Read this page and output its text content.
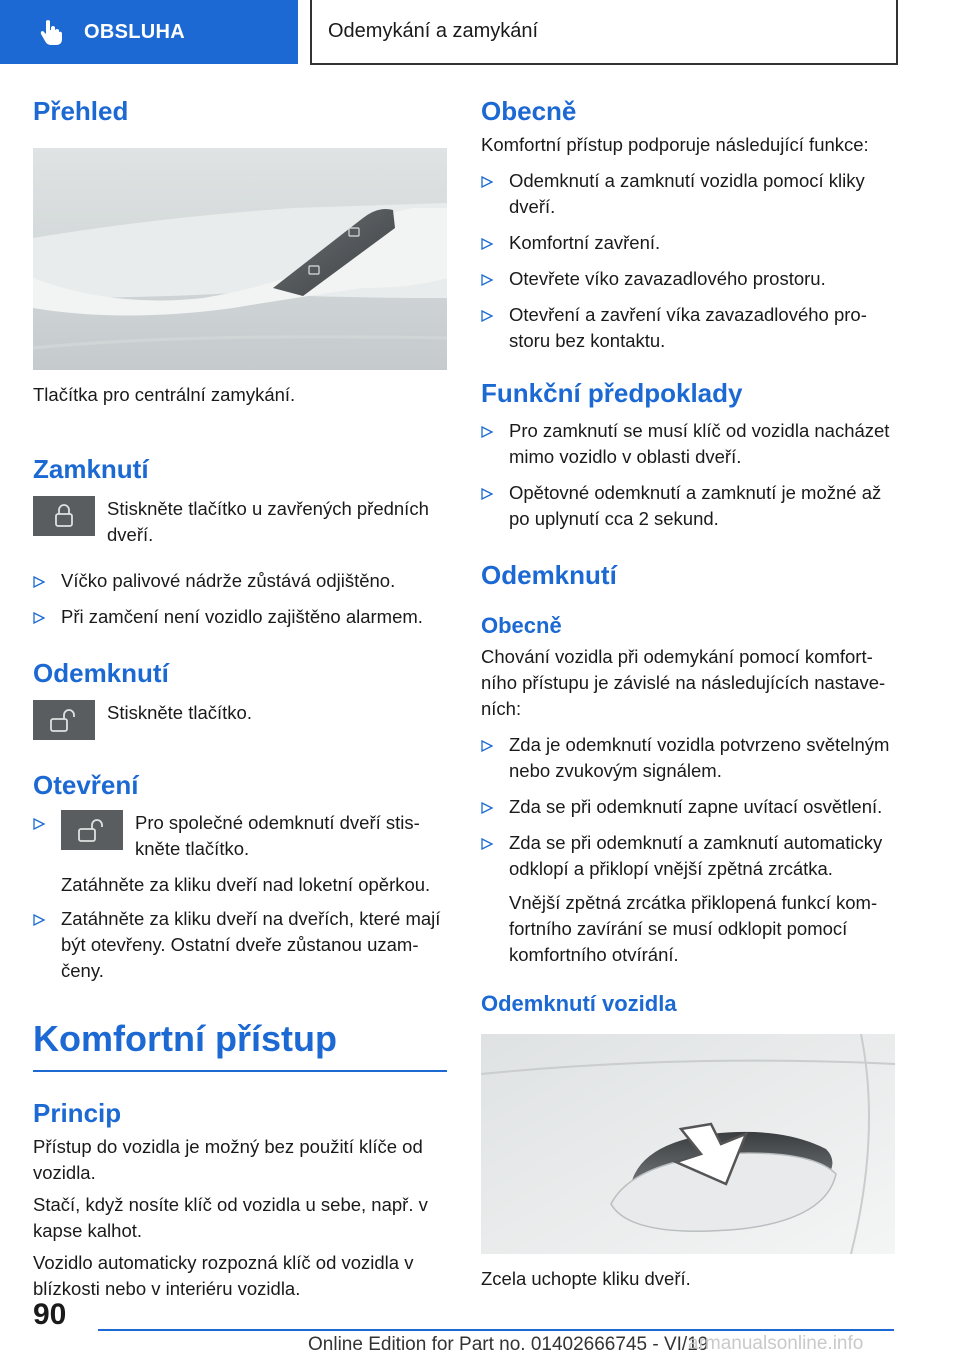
OBSLUHA	Odemykání a zamykání
Přehled

Tlačítka pro centrální zamykání.

Zamknutí

Stiskněte tlačítko u zavřených předních dveří.

Víčko palivové nádrže zůstává odjištěno.
Při zamčení není vozidlo zajištěno alarmem.
Odemknutí

Stiskněte tlačítko.

Otevření

Pro společné odemknutí dveří stiskněte tlačítko.

Zatáhněte za kliku dveří nad loketní opěrkou.

Zatáhněte za kliku dveří na dveřích, které mají být otevřeny. Ostatní dveře zůstanou uzamčeny.
Komfortní přístup
Princip

Přístup do vozidla je možný bez použití klíče od vozidla.

Stačí, když nosíte klíč od vozidla u sebe, např. v kapse kalhot.

Vozidlo automaticky rozpozná klíč od vozidla v blízkosti nebo v interiéru vozidla.

Obecně

Komfortní přístup podporuje následující funkce:

Odemknutí a zamknutí vozidla pomocí kliky dveří.
Komfortní zavření.
Otevřete víko zavazadlového prostoru.
Otevření a zavření víka zavazadlového prostoru bez kontaktu.
Funkční předpoklady
Pro zamknutí se musí klíč od vozidla nacházet mimo vozidlo v oblasti dveří.
Opětovné odemknutí a zamknutí je možné až po uplynutí cca 2 sekund.
Odemknutí
Obecně

Chování vozidla při odemykání pomocí komfortního přístupu je závislé na následujících nastaveních:

Zda je odemknutí vozidla potvrzeno světelným nebo zvukovým signálem.
Zda se při odemknutí zapne uvítací osvětlení.
Zda se při odemknutí a zamknutí automaticky odklopí a přiklopí vnější zpětná zrcátka.

Vnější zpětná zrcátka přiklopená funkcí komfortního zavírání se musí odklopit pomocí komfortního otvírání.

Odemknutí vozidla

Zcela uchopte kliku dveří.

90
Online Edition for Part no. 01402666745 - VI/19
armanualsonline.info
